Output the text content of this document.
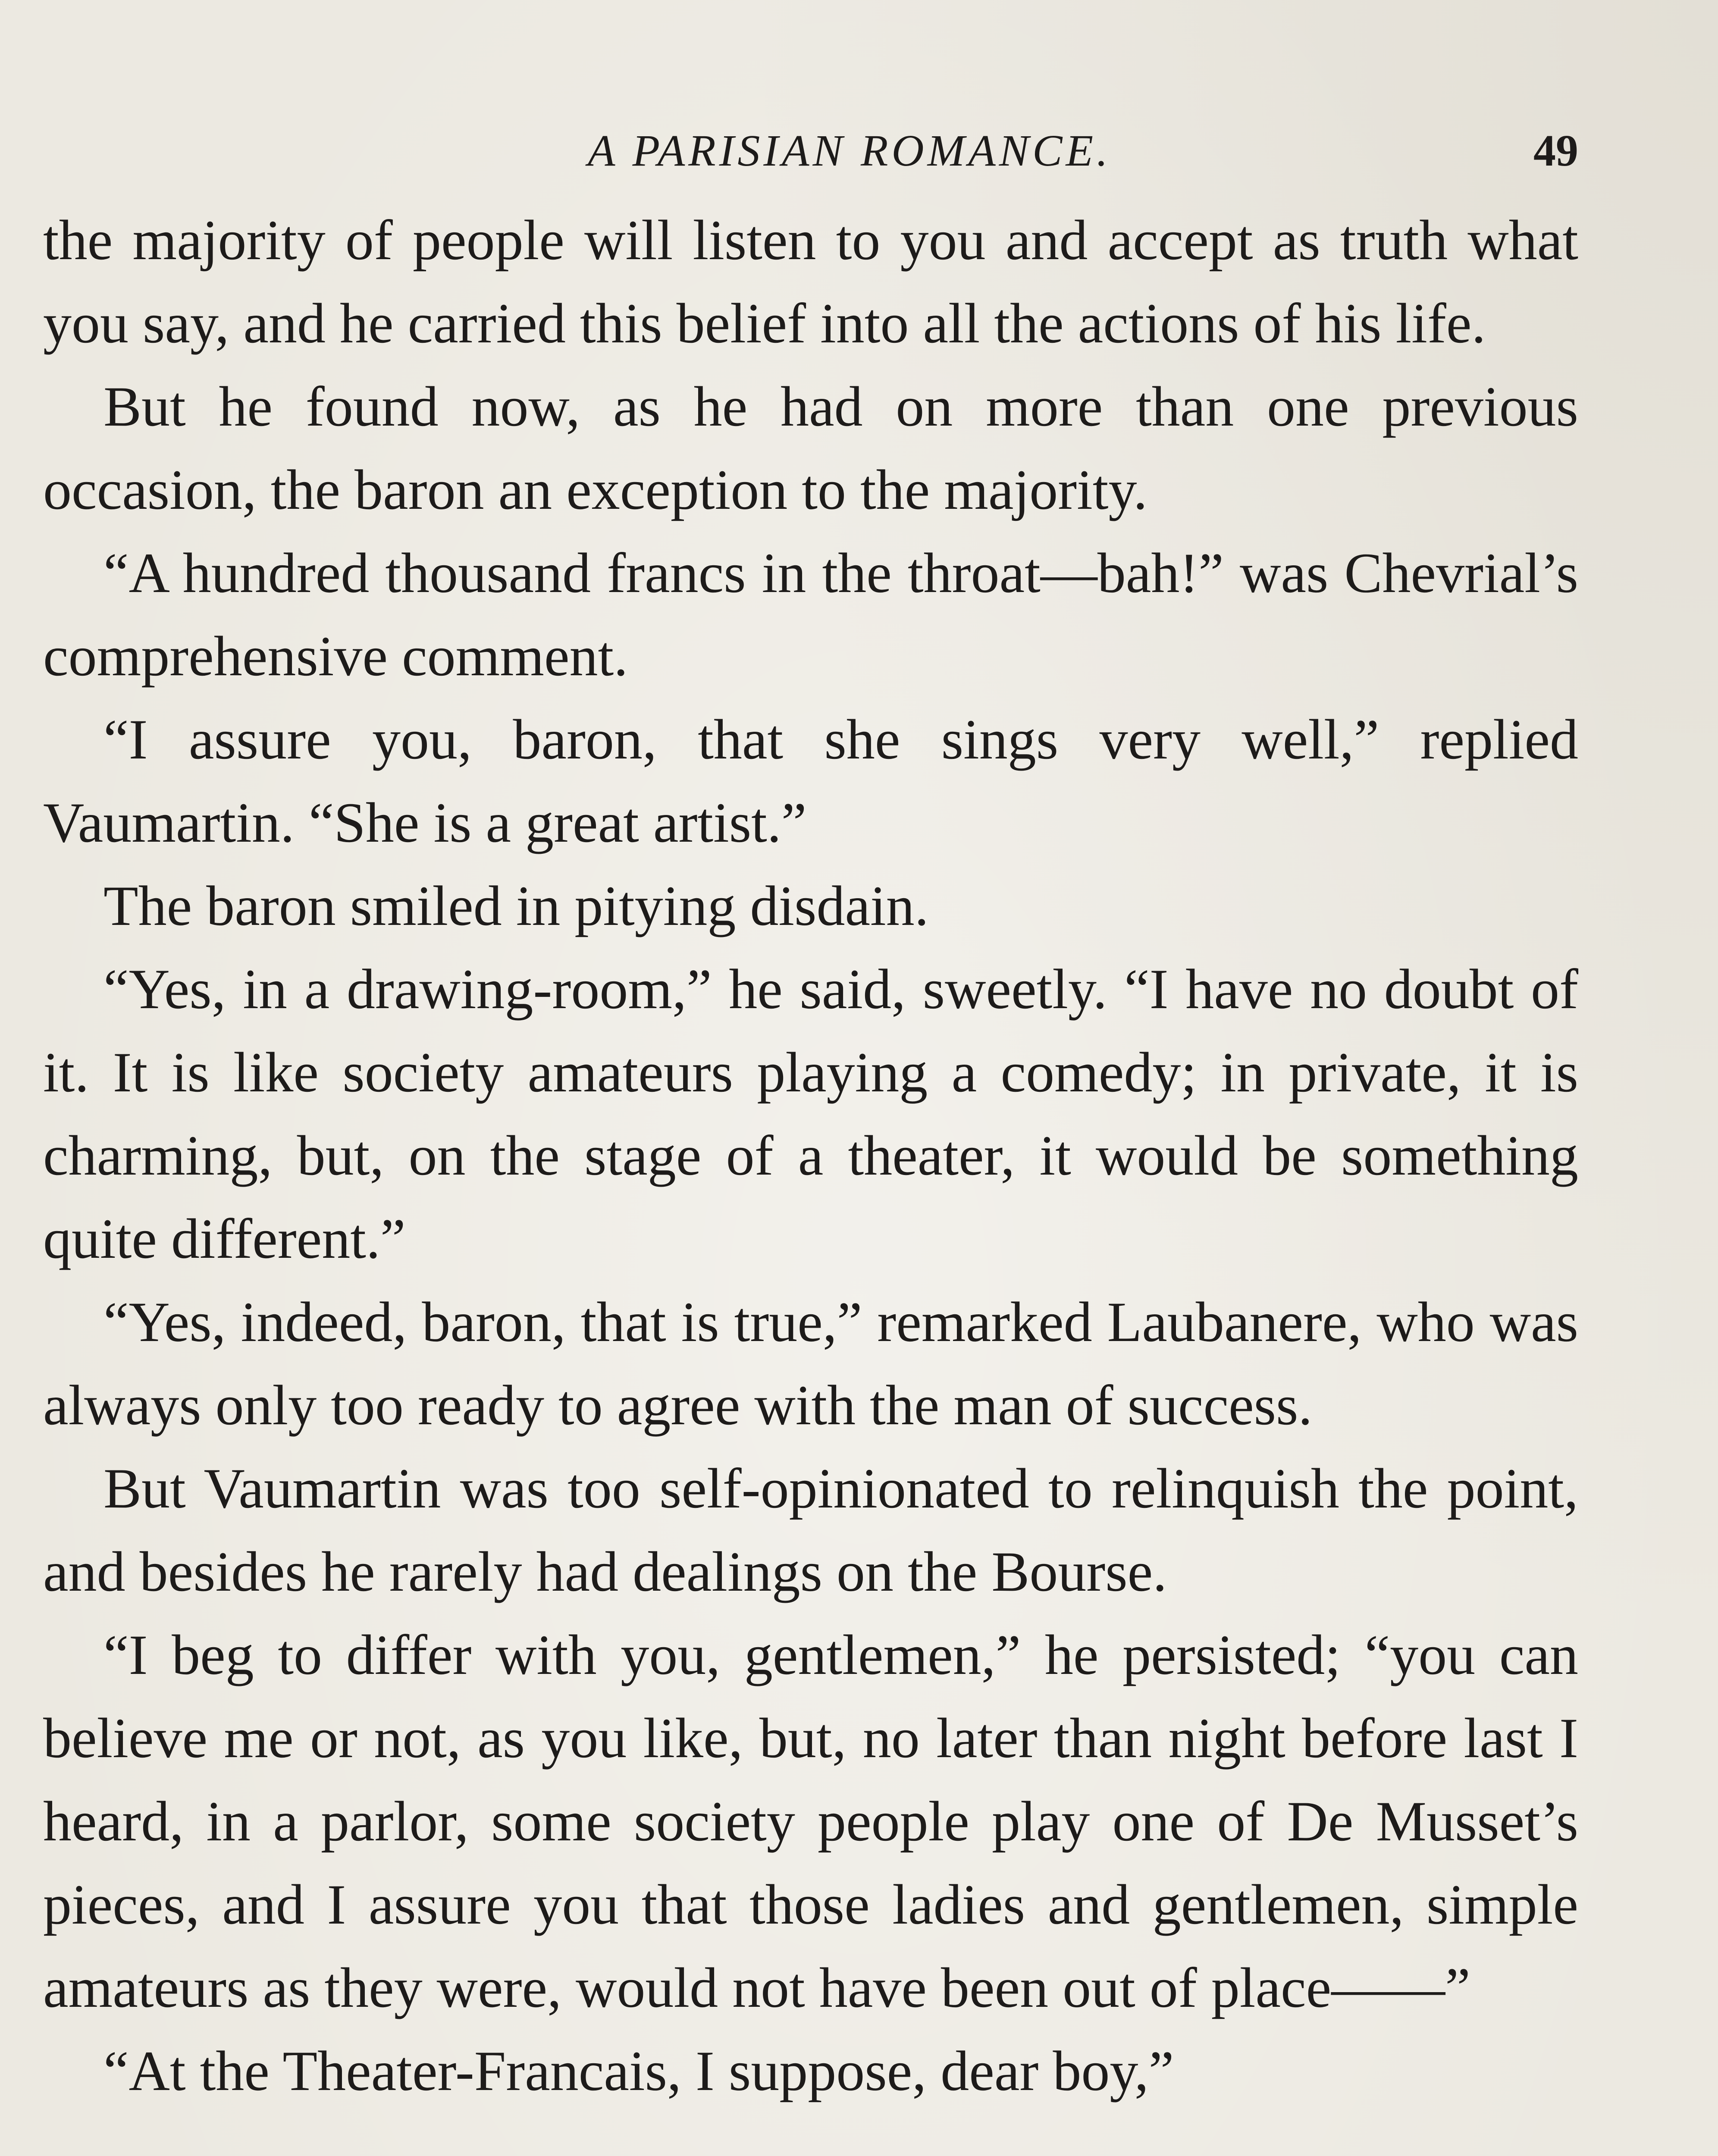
A PARISIAN ROMANCE.	49

the majority of people will listen to you and accept as truth what you say, and he carried this belief into all the actions of his life.

But he found now, as he had on more than one previous occasion, the baron an exception to the majority.

“A hundred thousand francs in the throat—bah!” was Chevrial’s comprehensive comment.

“I assure you, baron, that she sings very well,” replied Vaumartin. “She is a great artist.”

The baron smiled in pitying disdain.

“Yes, in a drawing-room,” he said, sweetly. “I have no doubt of it. It is like society amateurs playing a comedy; in private, it is charming, but, on the stage of a theater, it would be something quite different.”

“Yes, indeed, baron, that is true,” remarked Laubanere, who was always only too ready to agree with the man of success.

But Vaumartin was too self-opinionated to relinquish the point, and besides he rarely had dealings on the Bourse.

“I beg to differ with you, gentlemen,” he persisted; “you can believe me or not, as you like, but, no later than night before last I heard, in a parlor, some society people play one of De Musset’s pieces, and I assure you that those ladies and gentlemen, simple amateurs as they were, would not have been out of place——”

“At the Theater-Francais, I suppose, dear boy,”
